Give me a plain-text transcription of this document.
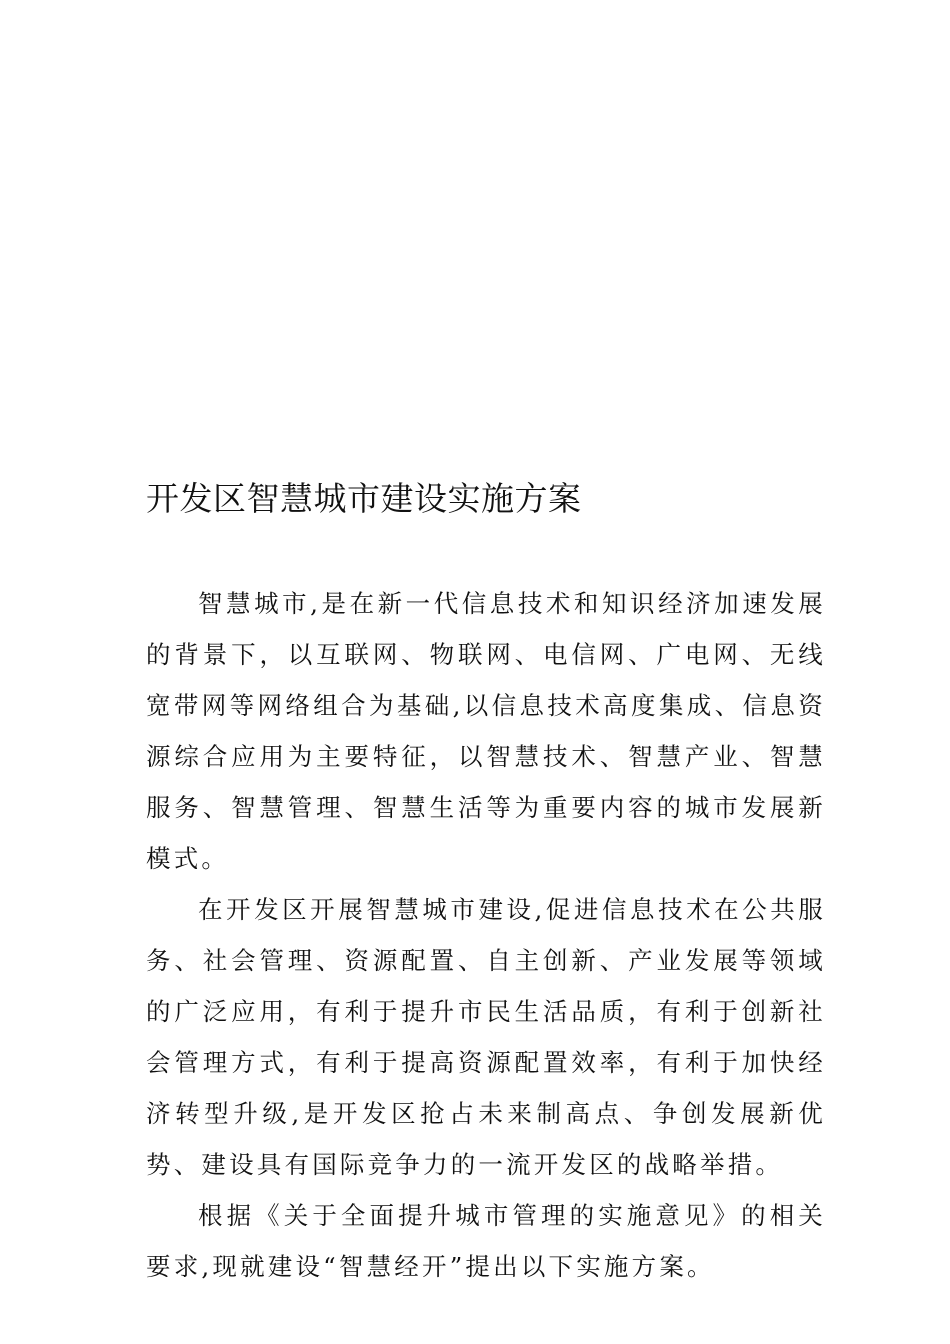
开发区智慧城市建设实施方案

智慧城市,是在新一代信息技术和知识经济加速发展的背景下，以互联网、物联网、电信网、广电网、无线宽带网等网络组合为基础,以信息技术高度集成、信息资源综合应用为主要特征，以智慧技术、智慧产业、智慧服务、智慧管理、智慧生活等为重要内容的城市发展新模式。

在开发区开展智慧城市建设,促进信息技术在公共服务、社会管理、资源配置、自主创新、产业发展等领域的广泛应用，有利于提升市民生活品质，有利于创新社会管理方式，有利于提高资源配置效率，有利于加快经济转型升级,是开发区抢占未来制高点、争创发展新优势、建设具有国际竞争力的一流开发区的战略举措。

根据《关于全面提升城市管理的实施意见》的相关要求,现就建设“智慧经开”提出以下实施方案。
